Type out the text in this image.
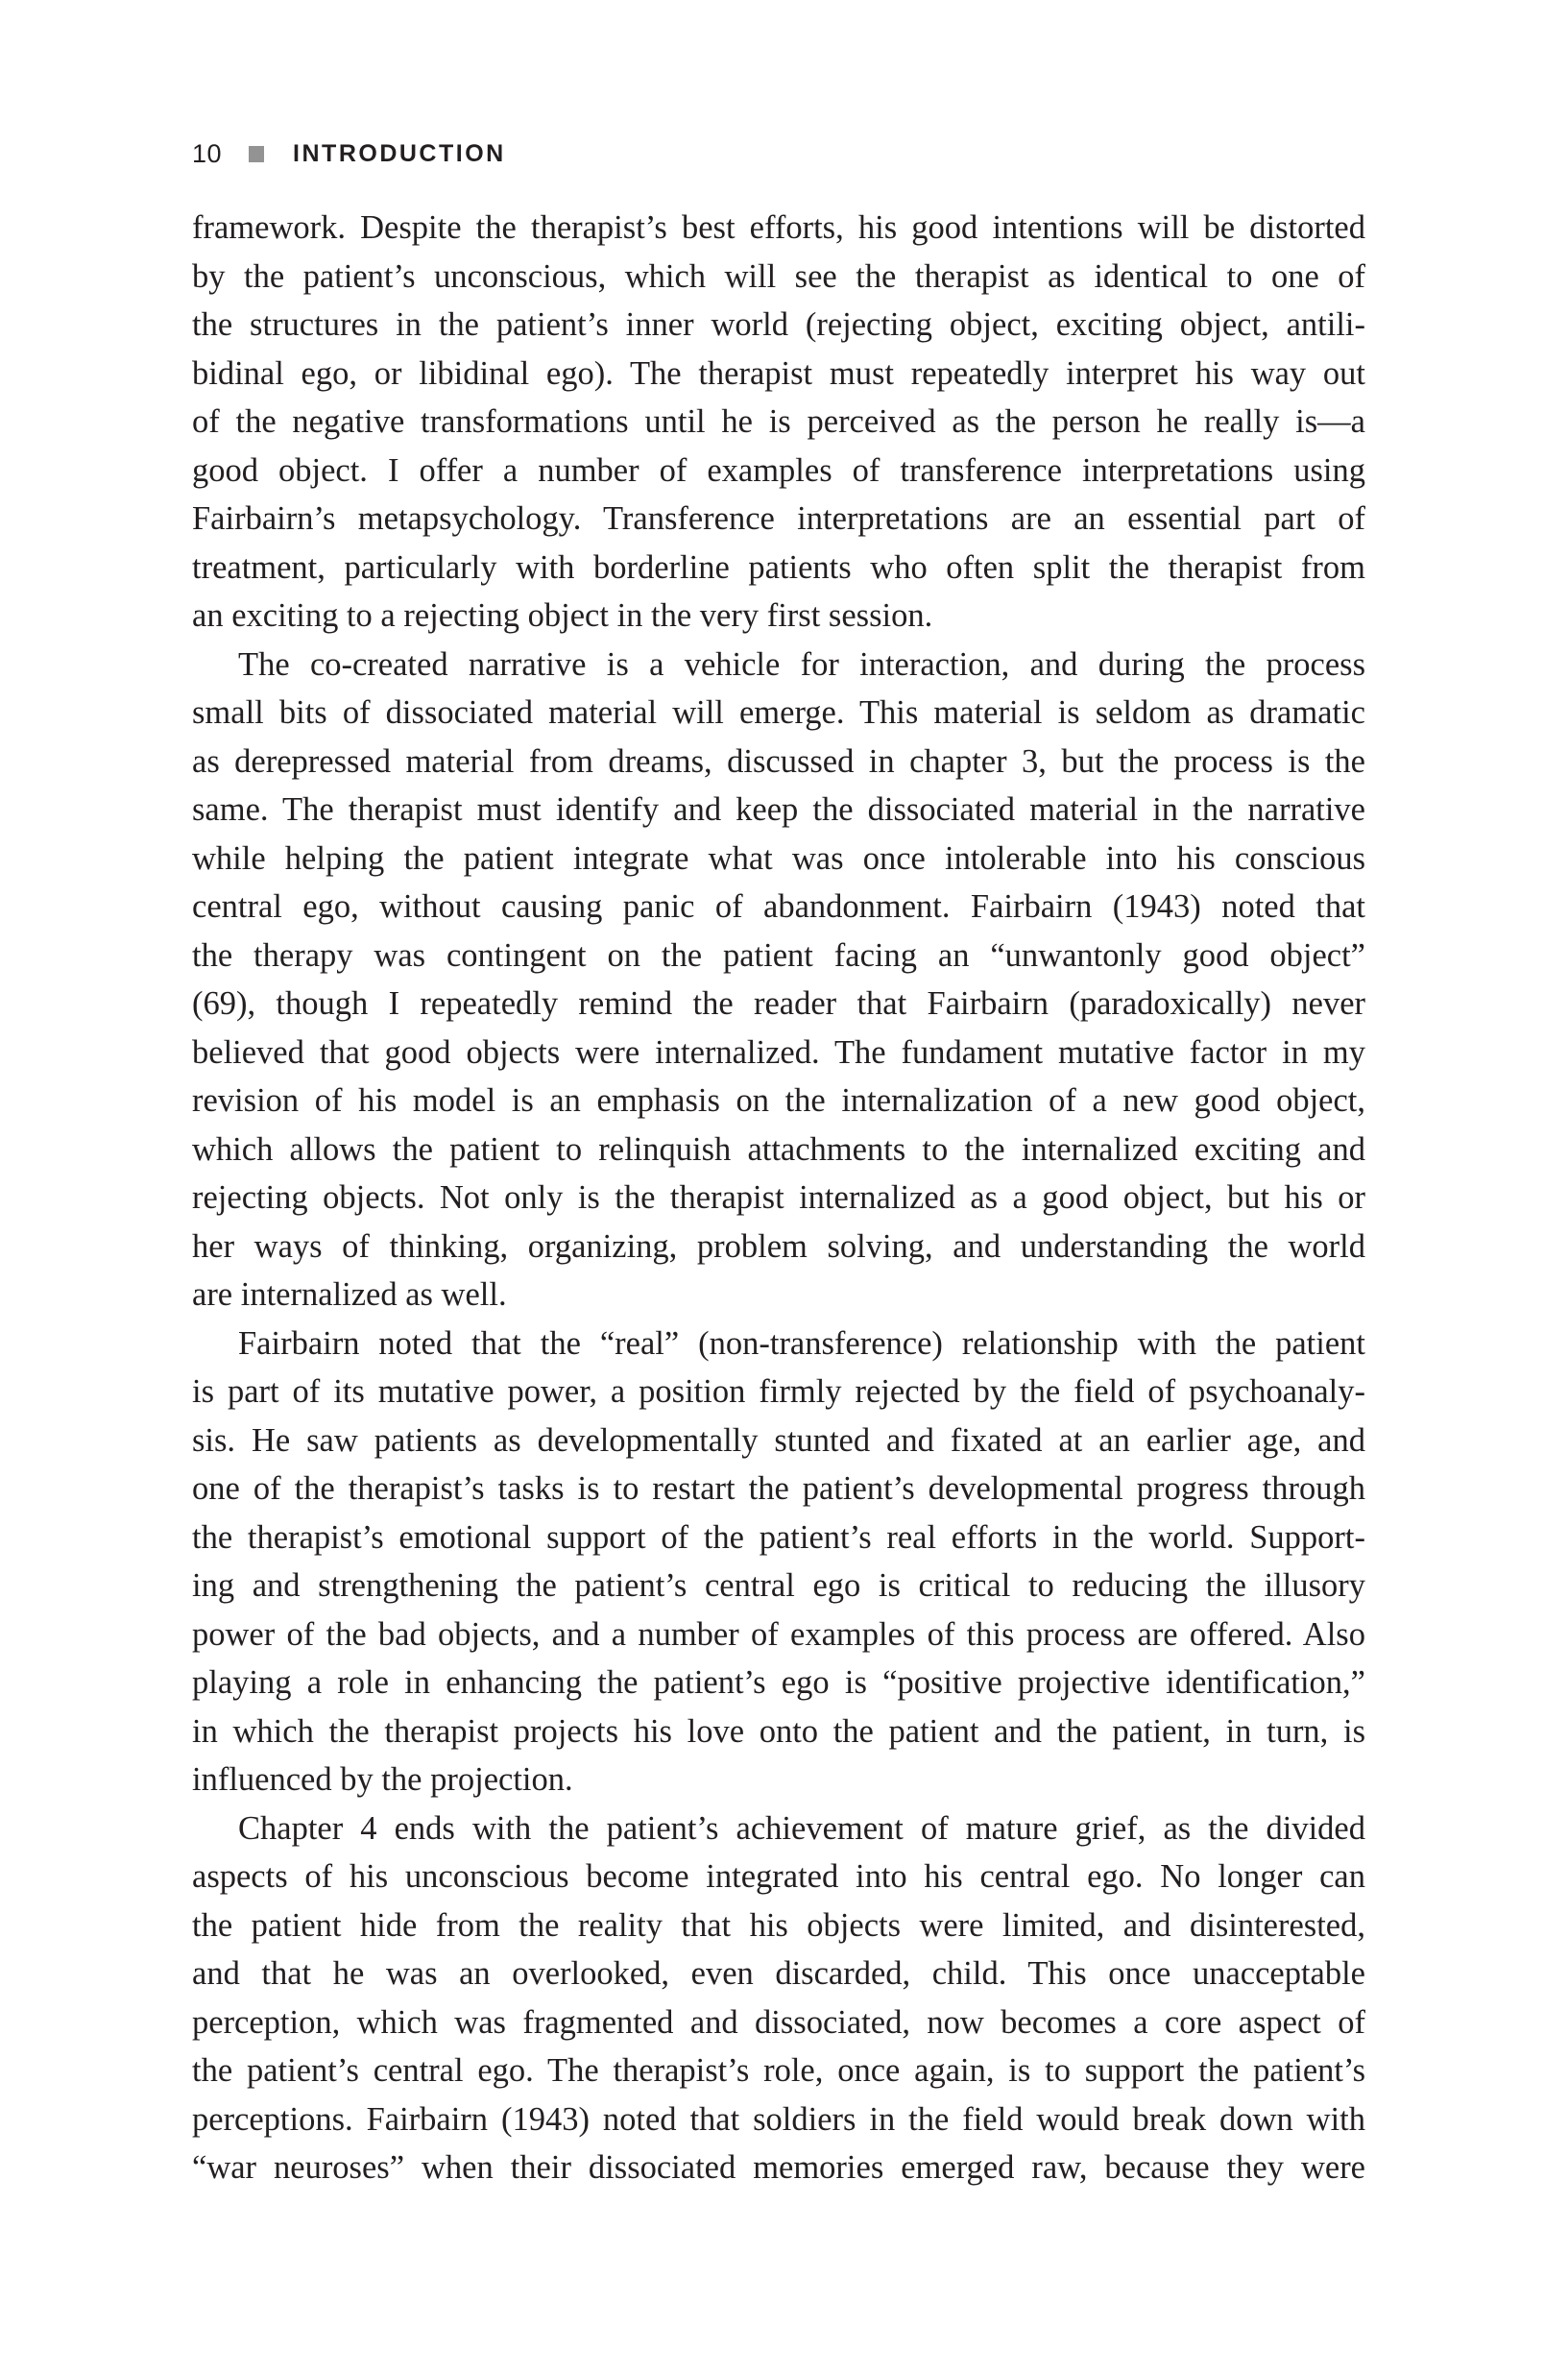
10	INTRODUCTION
framework. Despite the therapist’s best efforts, his good intentions will be distorted
by the patient’s unconscious, which will see the therapist as identical to one of
the structures in the patient’s inner world (rejecting object, exciting object, antili-
bidinal ego, or libidinal ego). The therapist must repeatedly interpret his way out
of the negative transformations until he is perceived as the person he really is—a
good object. I offer a number of examples of transference interpretations using
Fairbairn’s metapsychology. Transference interpretations are an essential part of
treatment, particularly with borderline patients who often split the therapist from
an exciting to a rejecting object in the very first session.
The co-created narrative is a vehicle for interaction, and during the process
small bits of dissociated material will emerge. This material is seldom as dramatic
as derepressed material from dreams, discussed in chapter 3, but the process is the
same. The therapist must identify and keep the dissociated material in the narrative
while helping the patient integrate what was once intolerable into his conscious
central ego, without causing panic of abandonment. Fairbairn (1943) noted that
the therapy was contingent on the patient facing an “unwantonly good object”
(69), though I repeatedly remind the reader that Fairbairn (paradoxically) never
believed that good objects were internalized. The fundament mutative factor in my
revision of his model is an emphasis on the internalization of a new good object,
which allows the patient to relinquish attachments to the internalized exciting and
rejecting objects. Not only is the therapist internalized as a good object, but his or
her ways of thinking, organizing, problem solving, and understanding the world
are internalized as well.
Fairbairn noted that the “real” (non-transference) relationship with the patient
is part of its mutative power, a position firmly rejected by the field of psychoanaly-
sis. He saw patients as developmentally stunted and fixated at an earlier age, and
one of the therapist’s tasks is to restart the patient’s developmental progress through
the therapist’s emotional support of the patient’s real efforts in the world. Support-
ing and strengthening the patient’s central ego is critical to reducing the illusory
power of the bad objects, and a number of examples of this process are offered. Also
playing a role in enhancing the patient’s ego is “positive projective identification,”
in which the therapist projects his love onto the patient and the patient, in turn, is
influenced by the projection.
Chapter 4 ends with the patient’s achievement of mature grief, as the divided
aspects of his unconscious become integrated into his central ego. No longer can
the patient hide from the reality that his objects were limited, and disinterested,
and that he was an overlooked, even discarded, child. This once unacceptable
perception, which was fragmented and dissociated, now becomes a core aspect of
the patient’s central ego. The therapist’s role, once again, is to support the patient’s
perceptions. Fairbairn (1943) noted that soldiers in the field would break down with
“war neuroses” when their dissociated memories emerged raw, because they were
